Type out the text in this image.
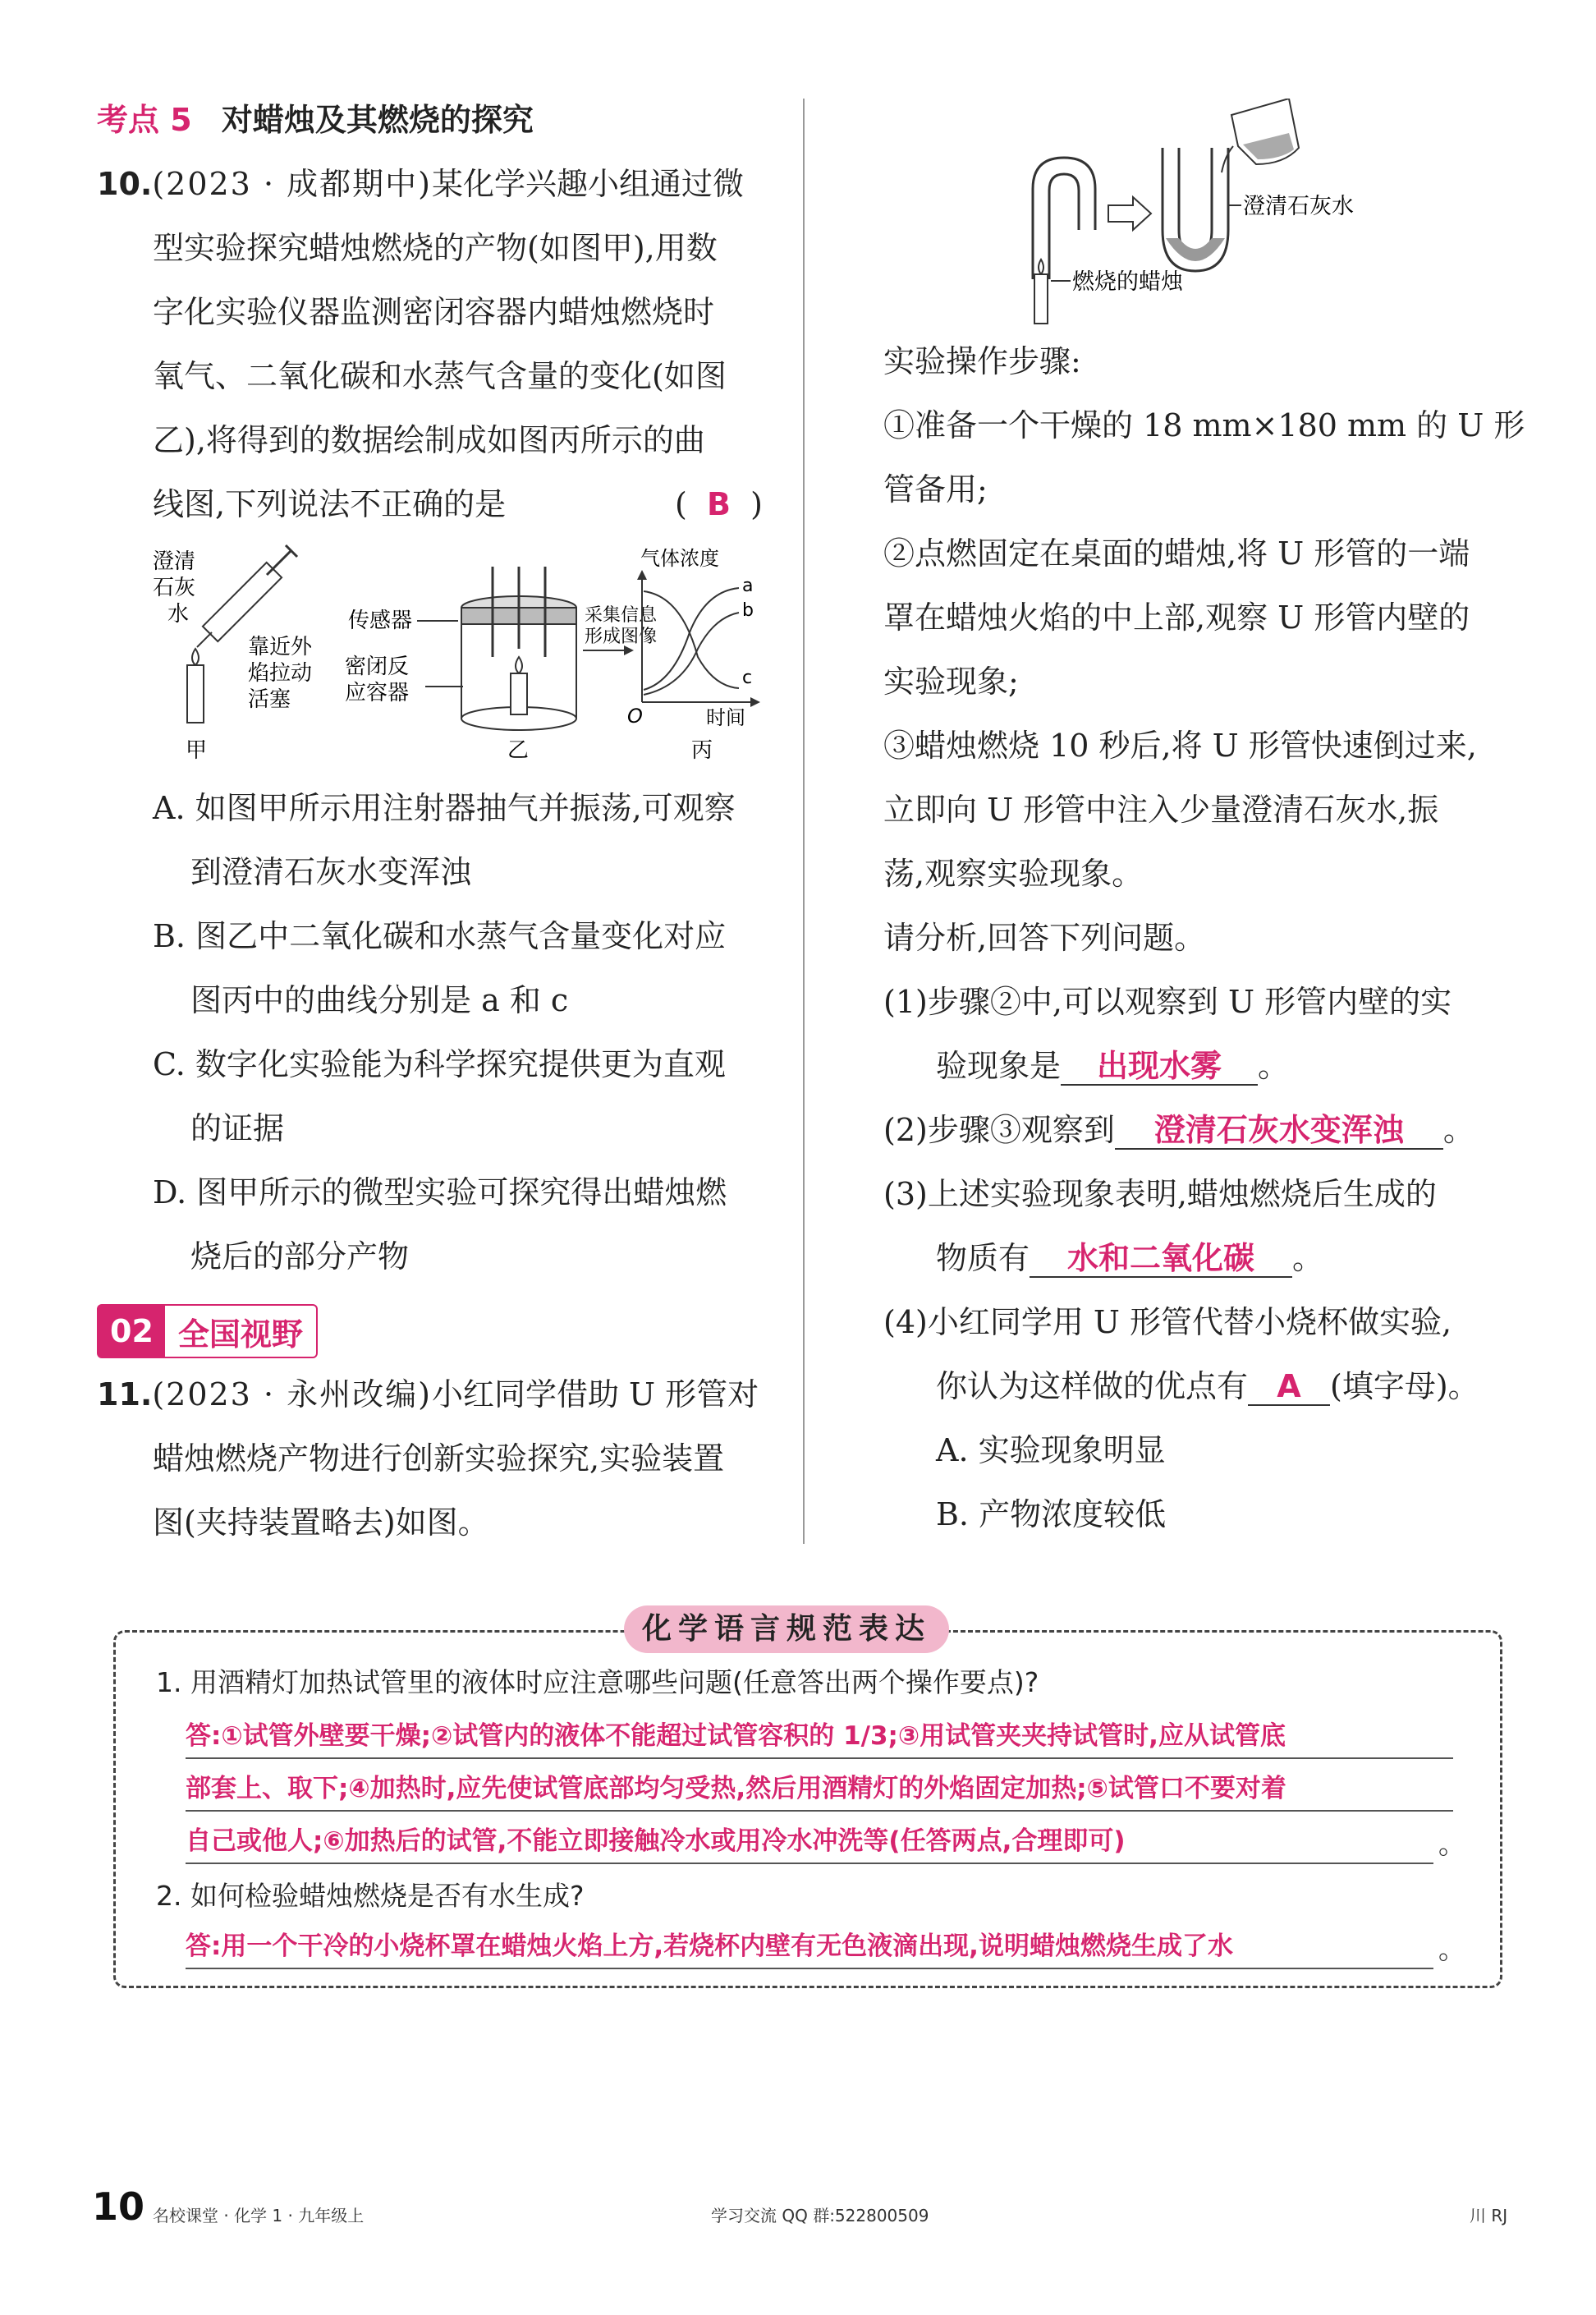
考点 5 对蜡烛及其燃烧的探究
10.(2023 · 成都期中)某化学兴趣小组通过微
型实验探究蜡烛燃烧的产物(如图甲),用数
字化实验仪器监测密闭容器内蜡烛燃烧时
氧气、二氧化碳和水蒸气含量的变化(如图
乙),将得到的数据绘制成如图丙所示的曲
线图,下列说法不正确的是	( B )
澄清
石灰
水
靠近外
焰拉动
活塞
甲
传感器
密闭反
应容器
采集信息
形成图像
乙
气体浓度
a
b
c
O	时间
丙
A. 如图甲所示用注射器抽气并振荡,可观察
到澄清石灰水变浑浊
B. 图乙中二氧化碳和水蒸气含量变化对应
图丙中的曲线分别是 a 和 c
C. 数字化实验能为科学探究提供更为直观
的证据
D. 图甲所示的微型实验可探究得出蜡烛燃
烧后的部分产物
02 全国视野
11.(2023 · 永州改编)小红同学借助 U 形管对
蜡烛燃烧产物进行创新实验探究,实验装置
图(夹持装置略去)如图。
燃烧的蜡烛
澄清石灰水
实验操作步骤:
①准备一个干燥的 18 mm×180 mm 的 U 形
管备用;
②点燃固定在桌面的蜡烛,将 U 形管的一端
罩在蜡烛火焰的中上部,观察 U 形管内壁的
实验现象;
③蜡烛燃烧 10 秒后,将 U 形管快速倒过来,
立即向 U 形管中注入少量澄清石灰水,振
荡,观察实验现象。
请分析,回答下列问题。
(1)步骤②中,可以观察到 U 形管内壁的实
验现象是 出现水雾 。
(2)步骤③观察到 澄清石灰水变浑浊 。
(3)上述实验现象表明,蜡烛燃烧后生成的
物质有 水和二氧化碳 。
(4)小红同学用 U 形管代替小烧杯做实验,
你认为这样做的优点有 A (填字母)。
A. 实验现象明显
B. 产物浓度较低
化学语言规范表达
1. 用酒精灯加热试管里的液体时应注意哪些问题(任意答出两个操作要点)?
答:①试管外壁要干燥;②试管内的液体不能超过试管容积的 1/3;③用试管夹夹持试管时,应从试管底
部套上、取下;④加热时,应先使试管底部均匀受热,然后用酒精灯的外焰固定加热;⑤试管口不要对着
自己或他人;⑥加热后的试管,不能立即接触冷水或用冷水冲洗等(任答两点,合理即可)	。
2. 如何检验蜡烛燃烧是否有水生成?
答:用一个干冷的小烧杯罩在蜡烛火焰上方,若烧杯内壁有无色液滴出现,说明蜡烛燃烧生成了水	。
10 名校课堂 · 化学 1 · 九年级上	学习交流 QQ 群:522800509	川 RJ
